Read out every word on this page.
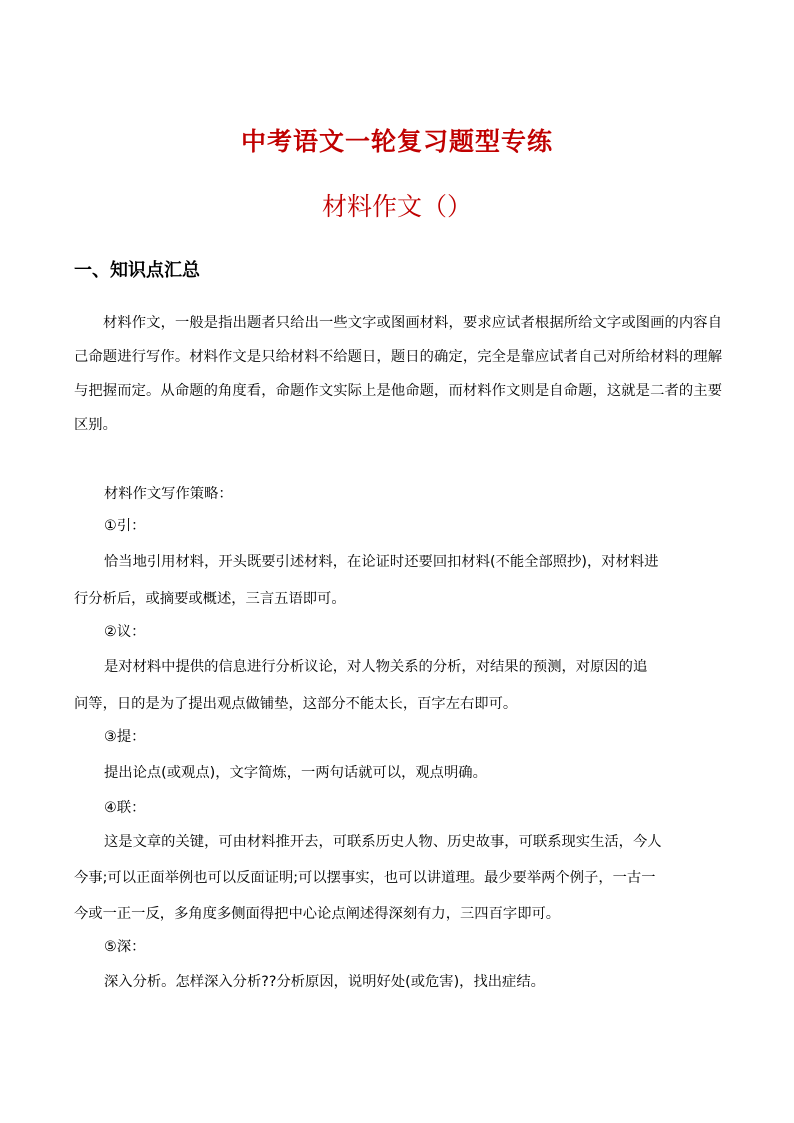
中考语文一轮复习题型专练
材料作文（）
一、知识点汇总
材料作文，一般是指出题者只给出一些文字或图画材料，要求应试者根据所给文字或图画的内容自己命题进行写作。材料作文是只给材料不给题日，题日的确定，完全是靠应试者自己对所给材料的理解与把握而定。从命题的角度看，命题作文实际上是他命题，而材料作文则是自命题，这就是二者的主要区别。
材料作文写作策略：
①引：
恰当地引用材料，开头既要引述材料，在论证时还要回扣材料(不能全部照抄)，对材料进
行分析后，或摘要或概述，三言五语即可。
②议：
是对材料中提供的信息进行分析议论，对人物关系的分析，对结果的预测，对原因的追
问等，日的是为了提出观点做铺垫，这部分不能太长，百字左右即可。
③提：
提出论点(或观点)，文字简炼，一两句话就可以，观点明确。
④联：
这是文章的关键，可由材料推开去，可联系历史人物、历史故事，可联系现实生活，今人
今事;可以正面举例也可以反面证明;可以摆事实，也可以讲道理。最少要举两个例子，一古一
今或一正一反，多角度多侧面得把中心论点阐述得深刻有力，三四百字即可。
⑤深：
深入分析。怎样深入分析??分析原因，说明好处(或危害)，找出症结。
